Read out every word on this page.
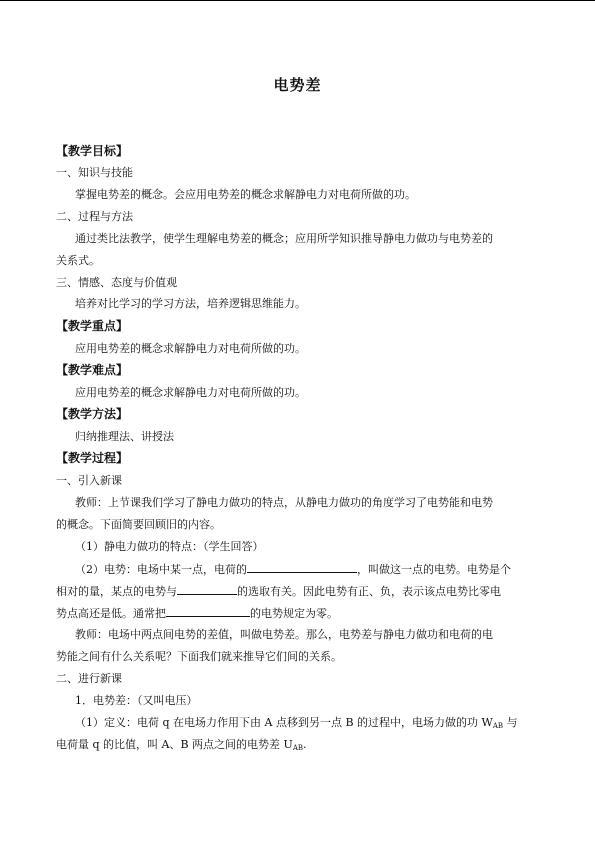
电势差
【教学目标】
一、知识与技能
掌握电势差的概念。会应用电势差的概念求解静电力对电荷所做的功。
二、过程与方法
通过类比法教学，使学生理解电势差的概念；应用所学知识推导静电力做功与电势差的
关系式。
三、情感、态度与价值观
培养对比学习的学习方法，培养逻辑思维能力。
【教学重点】
应用电势差的概念求解静电力对电荷所做的功。
【教学难点】
应用电势差的概念求解静电力对电荷所做的功。
【教学方法】
归纳推理法、讲授法
【教学过程】
一、引入新课
教师：上节课我们学习了静电力做功的特点，从静电力做功的角度学习了电势能和电势
的概念。下面简要回顾旧的内容。
（1）静电力做功的特点：（学生回答）
（2）电势：电场中某一点，电荷的	，叫做这一点的电势。电势是个
相对的量，某点的电势与	的选取有关。因此电势有正、负，表示该点电势比零电
势点高还是低。通常把	的电势规定为零。
教师：电场中两点间电势的差值，叫做电势差。那么，电势差与静电力做功和电荷的电
势能之间有什么关系呢？下面我们就来推导它们间的关系。
二、进行新课
1．电势差：（又叫电压）
（1）定义：电荷 q 在电场力作用下由 A 点移到另一点 B 的过程中，电场力做的功 $W_{AB}$ 与
电荷量 q 的比值，叫 A、B 两点之间的电势差 $U_{AB}$.
